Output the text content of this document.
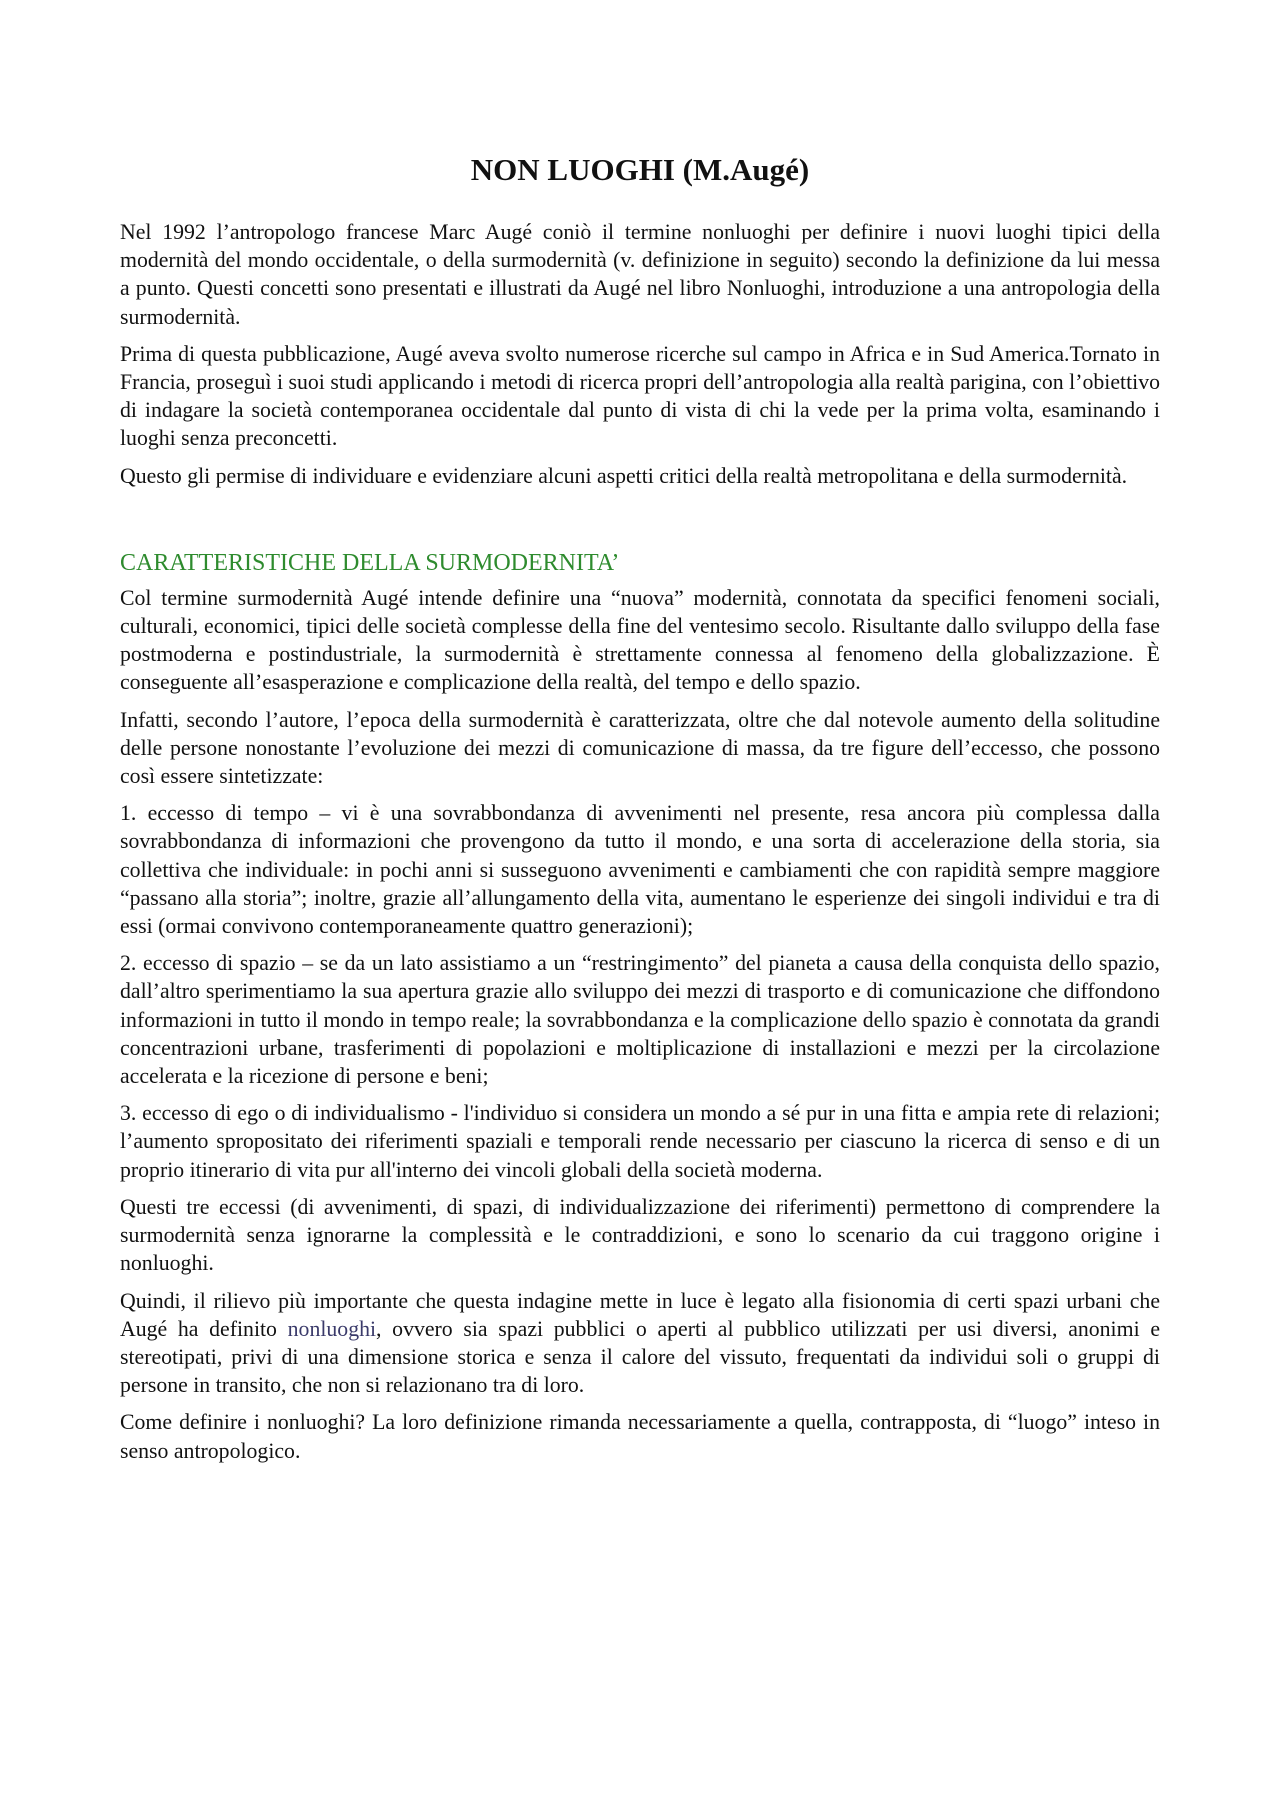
NON LUOGHI (M.Augé)

Nel 1992 l’antropologo francese Marc Augé coniò il termine nonluoghi per definire i nuovi luoghi tipici della modernità del mondo occidentale, o della surmodernità (v. definizione in seguito) secondo la definizione da lui messa a punto. Questi concetti sono presentati e illustrati da Augé nel libro Nonluoghi, introduzione a una antropologia della surmodernità.

Prima di questa pubblicazione, Augé aveva svolto numerose ricerche sul campo in Africa e in Sud America.Tornato in Francia, proseguì i suoi studi applicando i metodi di ricerca propri dell’antropologia alla realtà parigina, con l’obiettivo di indagare la società contemporanea occidentale dal punto di vista di chi la vede per la prima volta, esaminando i luoghi senza preconcetti.

Questo gli permise di individuare e evidenziare alcuni aspetti critici della realtà metropolitana e della surmodernità.

CARATTERISTICHE DELLA SURMODERNITA’

Col termine surmodernità Augé intende definire una “nuova” modernità, connotata da specifici fenomeni sociali, culturali, economici, tipici delle società complesse della fine del ventesimo secolo. Risultante dallo sviluppo della fase postmoderna e postindustriale, la surmodernità è strettamente connessa al fenomeno della globalizzazione. È conseguente all’esasperazione e complicazione della realtà, del tempo e dello spazio.

Infatti, secondo l’autore, l’epoca della surmodernità è caratterizzata, oltre che dal notevole aumento della solitudine delle persone nonostante l’evoluzione dei mezzi di comunicazione di massa, da tre figure dell’eccesso, che possono così essere sintetizzate:

1. eccesso di tempo – vi è una sovrabbondanza di avvenimenti nel presente, resa ancora più complessa dalla sovrabbondanza di informazioni che provengono da tutto il mondo, e una sorta di accelerazione della storia, sia collettiva che individuale: in pochi anni si susseguono avvenimenti e cambiamenti che con rapidità sempre maggiore “passano alla storia”; inoltre, grazie all’allungamento della vita, aumentano le esperienze dei singoli individui e tra di essi (ormai convivono contemporaneamente quattro generazioni);

2. eccesso di spazio – se da un lato assistiamo a un “restringimento” del pianeta a causa della conquista dello spazio, dall’altro sperimentiamo la sua apertura grazie allo sviluppo dei mezzi di trasporto e di comunicazione che diffondono informazioni in tutto il mondo in tempo reale; la sovrabbondanza e la complicazione dello spazio è connotata da grandi concentrazioni urbane, trasferimenti di popolazioni e moltiplicazione di installazioni e mezzi per la circolazione accelerata e la ricezione di persone e beni;

3. eccesso di ego o di individualismo - l'individuo si considera un mondo a sé pur in una fitta e ampia rete di relazioni; l’aumento spropositato dei riferimenti spaziali e temporali rende necessario per ciascuno la ricerca di senso e di un proprio itinerario di vita pur all'interno dei vincoli globali della società moderna.

Questi tre eccessi (di avvenimenti, di spazi, di individualizzazione dei riferimenti) permettono di comprendere la surmodernità senza ignorarne la complessità e le contraddizioni, e sono lo scenario da cui traggono origine i nonluoghi.

Quindi, il rilievo più importante che questa indagine mette in luce è legato alla fisionomia di certi spazi urbani che Augé ha definito nonluoghi, ovvero sia spazi pubblici o aperti al pubblico utilizzati per usi diversi, anonimi e stereotipati, privi di una dimensione storica e senza il calore del vissuto, frequentati da individui soli o gruppi di persone in transito, che non si relazionano tra di loro.

Come definire i nonluoghi? La loro definizione rimanda necessariamente a quella, contrapposta, di “luogo” inteso in senso antropologico.
